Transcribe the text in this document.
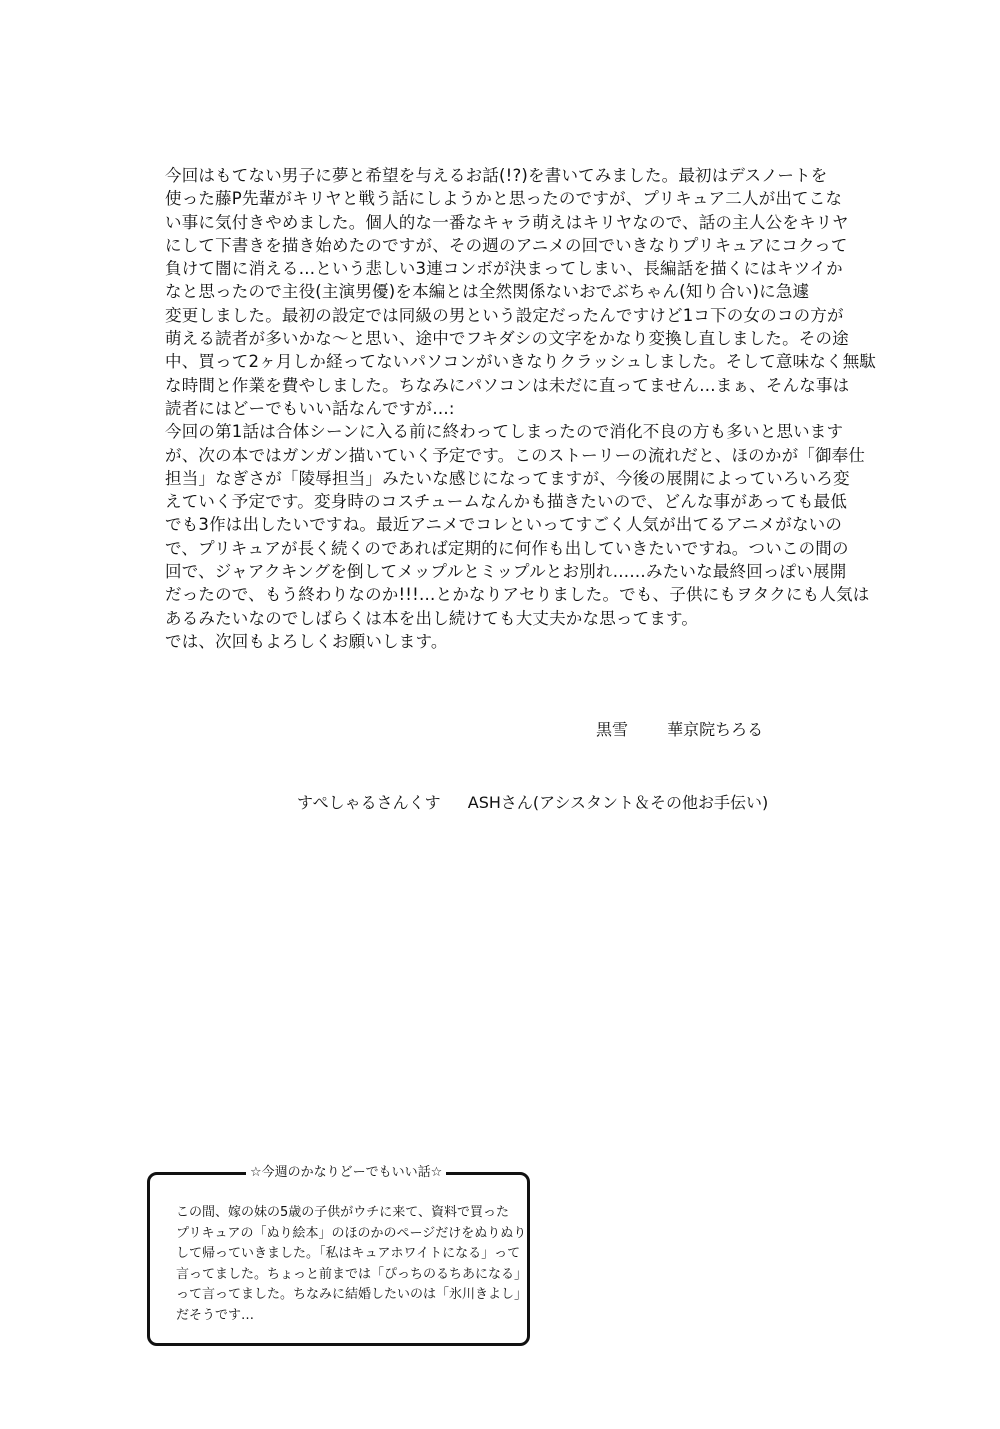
今回はもてない男子に夢と希望を与えるお話(!?)を書いてみました。最初はデスノートを
使った藤P先輩がキリヤと戦う話にしようかと思ったのですが、プリキュア二人が出てこな
い事に気付きやめました。個人的な一番なキャラ萌えはキリヤなので、話の主人公をキリヤ
にして下書きを描き始めたのですが、その週のアニメの回でいきなりプリキュアにコクって
負けて闇に消える…という悲しい3連コンボが決まってしまい、長編話を描くにはキツイか
なと思ったので主役(主演男優)を本編とは全然関係ないおでぶちゃん(知り合い)に急遽
変更しました。最初の設定では同級の男という設定だったんですけど1コ下の女のコの方が
萌える読者が多いかな～と思い、途中でフキダシの文字をかなり変換し直しました。その途
中、買って2ヶ月しか経ってないパソコンがいきなりクラッシュしました。そして意味なく無駄
な時間と作業を費やしました。ちなみにパソコンは未だに直ってません…まぁ、そんな事は
読者にはどーでもいい話なんですが…:
今回の第1話は合体シーンに入る前に終わってしまったので消化不良の方も多いと思います
が、次の本ではガンガン描いていく予定です。このストーリーの流れだと、ほのかが「御奉仕
担当」なぎさが「陵辱担当」みたいな感じになってますが、今後の展開によっていろいろ変
えていく予定です。変身時のコスチュームなんかも描きたいので、どんな事があっても最低
でも3作は出したいですね。最近アニメでコレといってすごく人気が出てるアニメがないの
で、プリキュアが長く続くのであれば定期的に何作も出していきたいですね。ついこの間の
回で、ジャアクキングを倒してメップルとミップルとお別れ……みたいな最終回っぽい展開
だったので、もう終わりなのか!!!…とかなりアセりました。でも、子供にもヲタクにも人気は
あるみたいなのでしばらくは本を出し続けても大丈夫かな思ってます。
では、次回もよろしくお願いします。
黒雪 華京院ちろる
すぺしゃるさんくす ASHさん(アシスタント＆その他お手伝い)
☆今週のかなりどーでもいい話☆
この間、嫁の妹の5歳の子供がウチに来て、資料で買った
プリキュアの「ぬり絵本」のほのかのページだけをぬりぬり
して帰っていきました。「私はキュアホワイトになる」って
言ってました。ちょっと前までは「ぴっちのるちあになる」
って言ってました。ちなみに結婚したいのは「氷川きよし」
だそうです…
